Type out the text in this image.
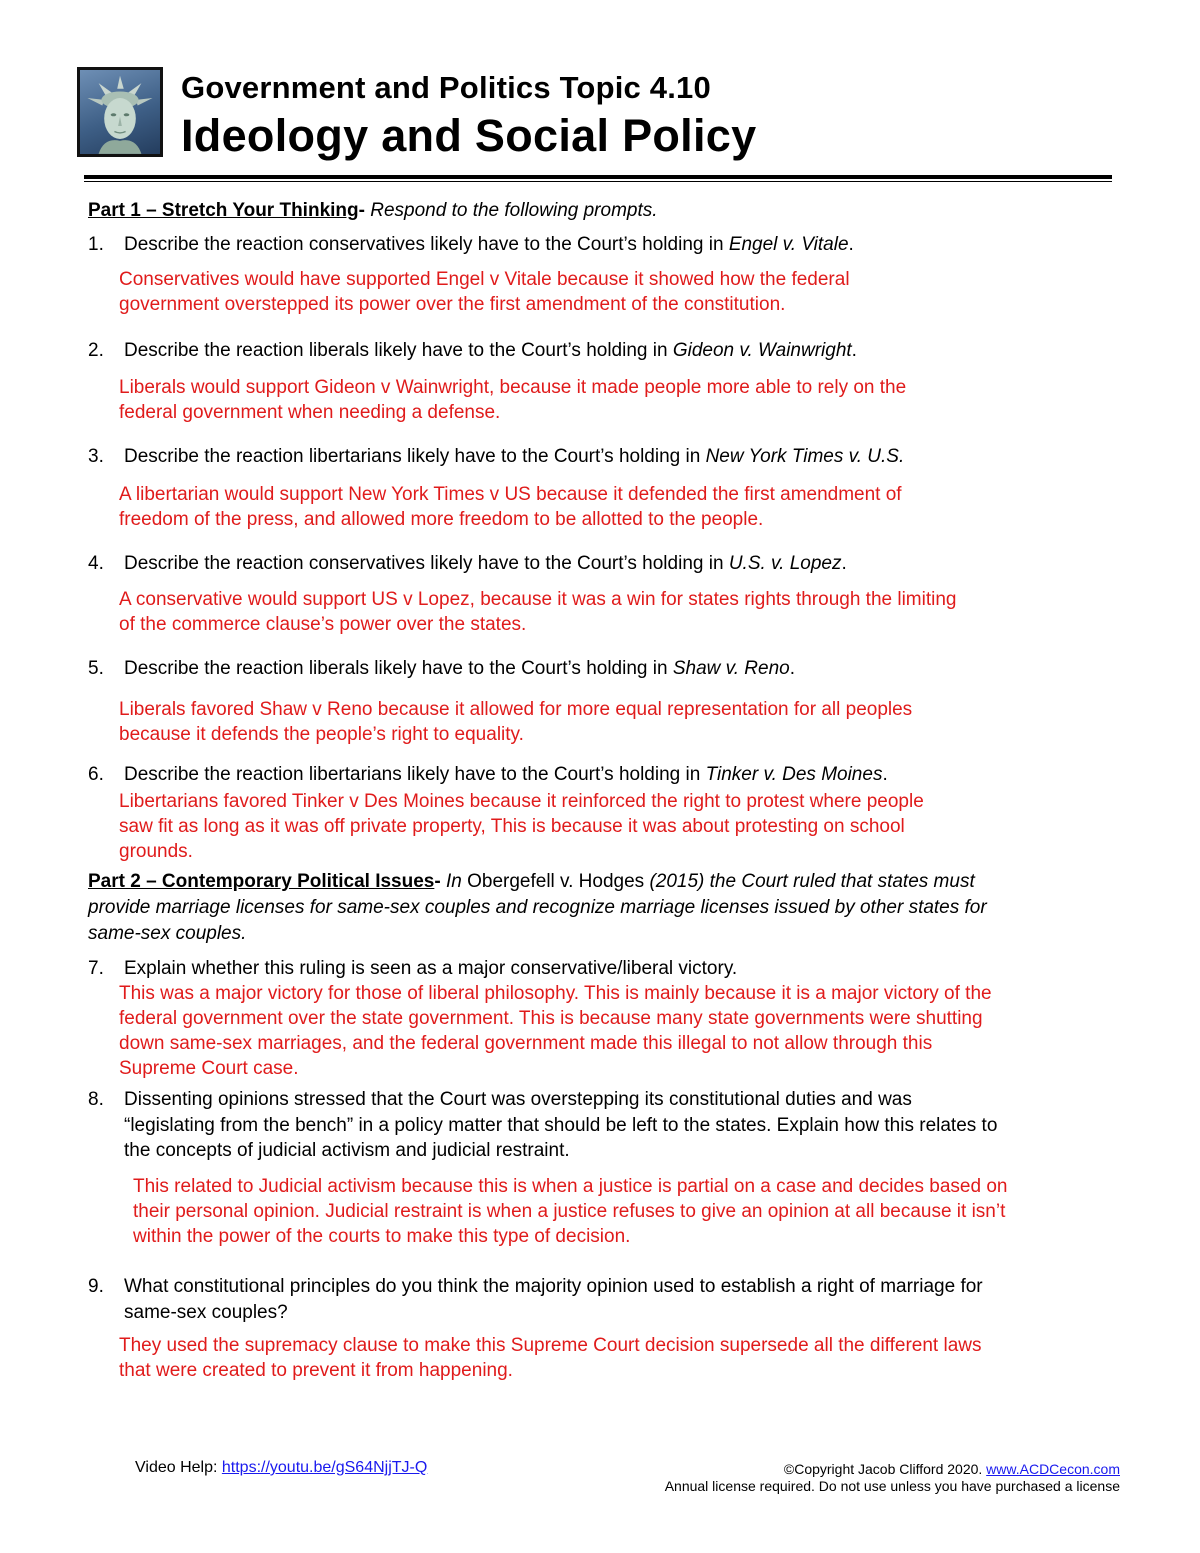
Government and Politics Topic 4.10
Ideology and Social Policy
Part 1 – Stretch Your Thinking- Respond to the following prompts.
1. Describe the reaction conservatives likely have to the Court’s holding in Engel v. Vitale.
Conservatives would have supported Engel v Vitale because it showed how the federal
government overstepped its power over the first amendment of the constitution.
2. Describe the reaction liberals likely have to the Court’s holding in Gideon v. Wainwright.
Liberals would support Gideon v Wainwright, because it made people more able to rely on the
federal government when needing a defense.
3. Describe the reaction libertarians likely have to the Court’s holding in New York Times v. U.S.
A libertarian would support New York Times v US because it defended the first amendment of
freedom of the press, and allowed more freedom to be allotted to the people.
4. Describe the reaction conservatives likely have to the Court’s holding in U.S. v. Lopez.
A conservative would support US v Lopez, because it was a win for states rights through the limiting
of the commerce clause’s power over the states.
5. Describe the reaction liberals likely have to the Court’s holding in Shaw v. Reno.
Liberals favored Shaw v Reno because it allowed for more equal representation for all peoples
because it defends the people’s right to equality.
6. Describe the reaction libertarians likely have to the Court’s holding in Tinker v. Des Moines.
Libertarians favored Tinker v Des Moines because it reinforced the right to protest where people
saw fit as long as it was off private property, This is because it was about protesting on school
grounds.
Part 2 – Contemporary Political Issues- In Obergefell v. Hodges (2015) the Court ruled that states must
provide marriage licenses for same-sex couples and recognize marriage licenses issued by other states for
same-sex couples.
7. Explain whether this ruling is seen as a major conservative/liberal victory.
This was a major victory for those of liberal philosophy. This is mainly because it is a major victory of the
federal government over the state government. This is because many state governments were shutting
down same-sex marriages, and the federal government made this illegal to not allow through this
Supreme Court case.
8. Dissenting opinions stressed that the Court was overstepping its constitutional duties and was
“legislating from the bench” in a policy matter that should be left to the states. Explain how this relates to
the concepts of judicial activism and judicial restraint.
This related to Judicial activism because this is when a justice is partial on a case and decides based on
their personal opinion. Judicial restraint is when a justice refuses to give an opinion at all because it isn’t
within the power of the courts to make this type of decision.
9. What constitutional principles do you think the majority opinion used to establish a right of marriage for
same-sex couples?
They used the supremacy clause to make this Supreme Court decision supersede all the different laws
that were created to prevent it from happening.
Video Help: https://youtu.be/gS64NjjTJ-Q	©Copyright Jacob Clifford 2020. www.ACDCecon.com
Annual license required. Do not use unless you have purchased a license
